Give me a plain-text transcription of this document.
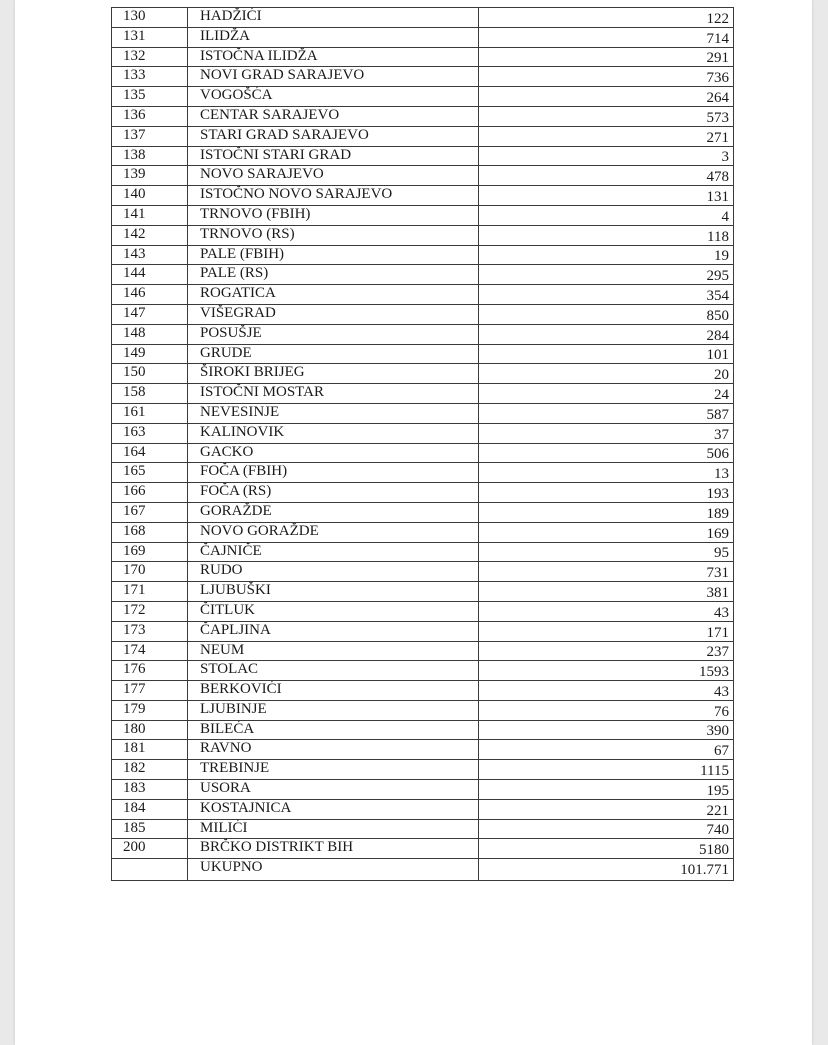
130	HADŽIĆI	122
131	ILIDŽA	714
132	ISTOČNA ILIDŽA	291
133	NOVI GRAD SARAJEVO	736
135	VOGOŠĆA	264
136	CENTAR SARAJEVO	573
137	STARI GRAD SARAJEVO	271
138	ISTOČNI STARI GRAD	3
139	NOVO SARAJEVO	478
140	ISTOČNO NOVO SARAJEVO	131
141	TRNOVO (FBIH)	4
142	TRNOVO (RS)	118
143	PALE (FBIH)	19
144	PALE (RS)	295
146	ROGATICA	354
147	VIŠEGRAD	850
148	POSUŠJE	284
149	GRUDE	101
150	ŠIROKI BRIJEG	20
158	ISTOČNI MOSTAR	24
161	NEVESINJE	587
163	KALINOVIK	37
164	GACKO	506
165	FOČA (FBIH)	13
166	FOČA (RS)	193
167	GORAŽDE	189
168	NOVO GORAŽDE	169
169	ČAJNIČE	95
170	RUDO	731
171	LJUBUŠKI	381
172	ČITLUK	43
173	ČAPLJINA	171
174	NEUM	237
176	STOLAC	1593
177	BERKOVIĆI	43
179	LJUBINJE	76
180	BILEĆA	390
181	RAVNO	67
182	TREBINJE	1115
183	USORA	195
184	KOSTAJNICA	221
185	MILIĆI	740
200	BRČKO DISTRIKT BIH	5180
	UKUPNO	101.771
